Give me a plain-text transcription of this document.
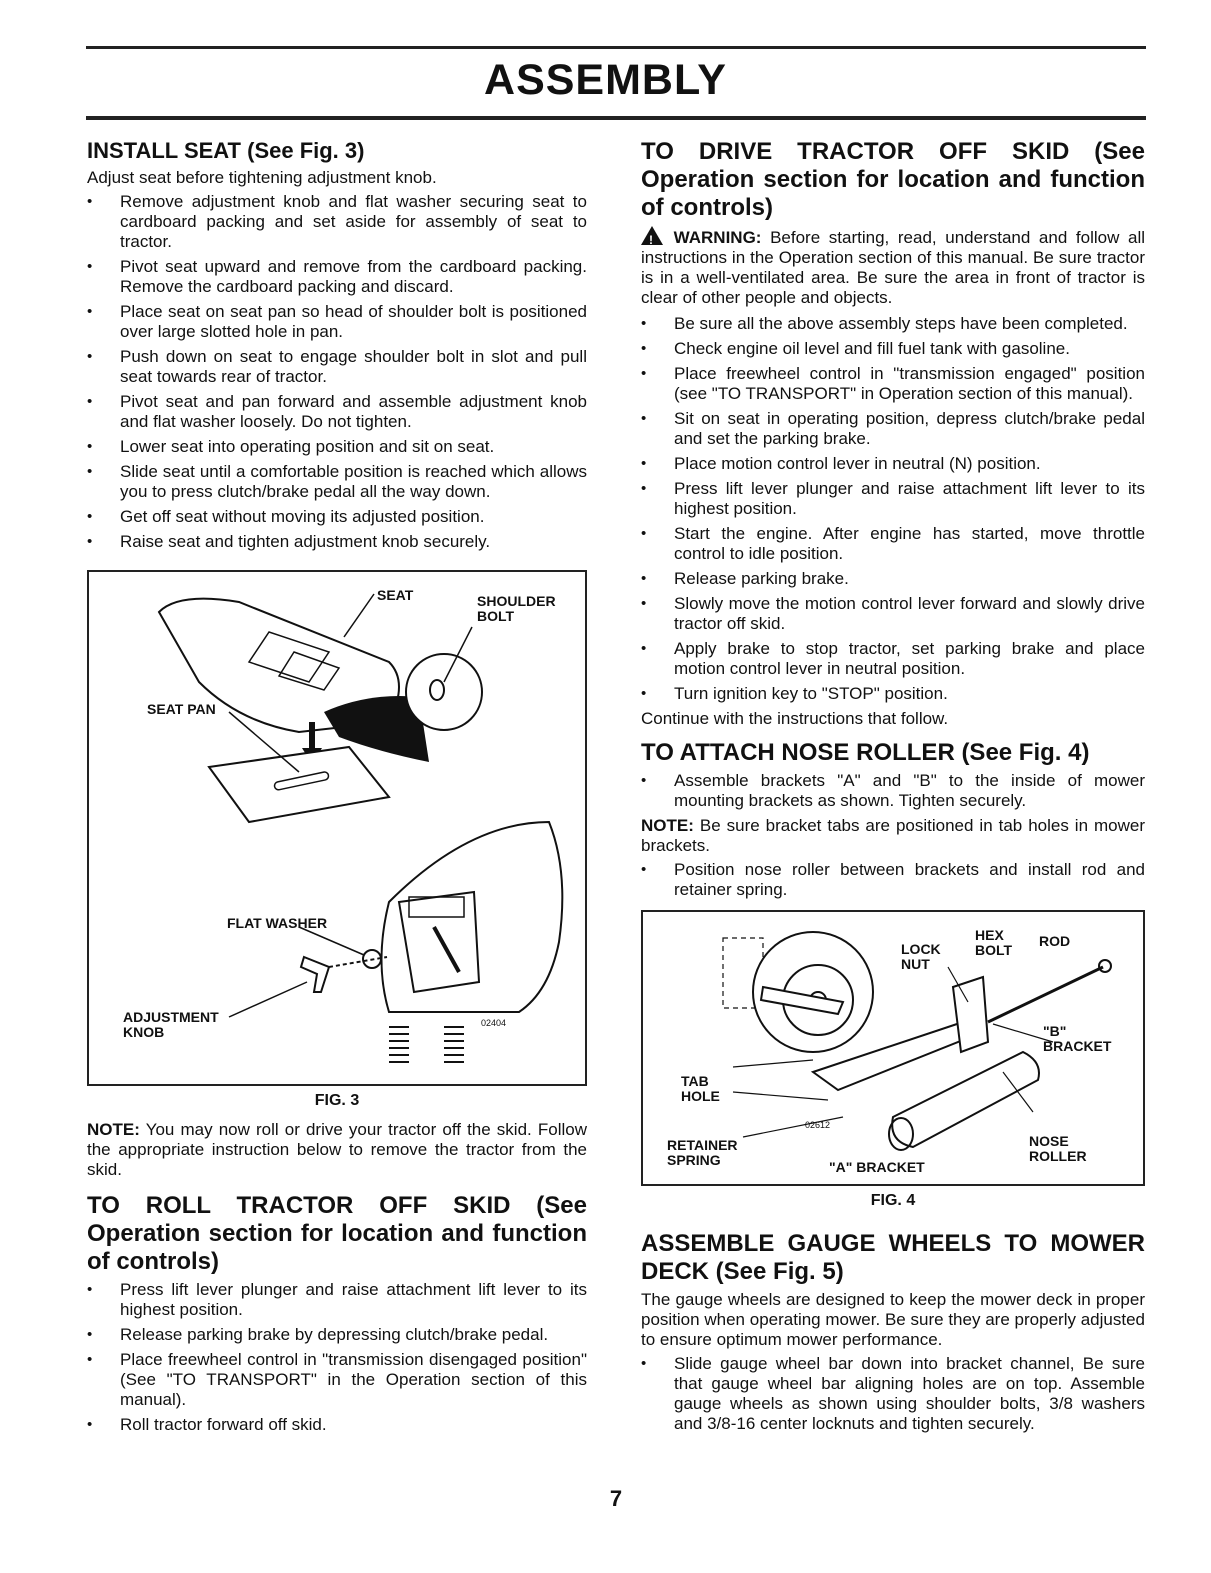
ASSEMBLY
INSTALL SEAT (See Fig. 3)

Adjust seat before tightening adjustment knob.

• Remove adjustment knob and flat washer securing seat to cardboard packing and set aside for assembly of seat to tractor.
• Pivot seat upward and remove from the cardboard packing. Remove the cardboard packing and discard.
• Place seat on seat pan so head of shoulder bolt is positioned over large slotted hole in pan.
• Push down on seat to engage shoulder bolt in slot and pull seat towards rear of tractor.
• Pivot seat and pan forward and assemble adjustment knob and flat washer loosely. Do not tighten.
• Lower seat into operating position and sit on seat.
• Slide seat until a comfortable position is reached which allows you to press clutch/brake pedal all the way down.
• Get off seat without moving its adjusted position.
• Raise seat and tighten adjustment knob securely.
SEAT	SHOULDER BOLT
SEAT PAN
FLAT WASHER
ADJUSTMENT KNOB
02404
FIG. 3

NOTE: You may now roll or drive your tractor off the skid. Follow the appropriate instruction below to remove the tractor from the skid.

TO ROLL TRACTOR OFF SKID (See Operation section for location and function of controls)
• Press lift lever plunger and raise attachment lift lever to its highest position.
• Release parking brake by depressing clutch/brake pedal.
• Place freewheel control in "transmission disengaged position" (See "TO TRANSPORT" in the Operation section of this manual).
• Roll tractor forward off skid.
TO DRIVE TRACTOR OFF SKID (See Operation section for location and function of controls)

! WARNING: Before starting, read, understand and follow all instructions in the Operation section of this manual. Be sure tractor is in a well-ventilated area. Be sure the area in front of tractor is clear of other people and objects.

• Be sure all the above assembly steps have been completed.
• Check engine oil level and fill fuel tank with gasoline.
• Place freewheel control in "transmission engaged" position (see "TO TRANSPORT" in Operation section of this manual).
• Sit on seat in operating position, depress clutch/brake pedal and set the parking brake.
• Place motion control lever in neutral (N) position.
• Press lift lever plunger and raise attachment lift lever to its highest position.
• Start the engine. After engine has started, move throttle control to idle position.
• Release parking brake.
• Slowly move the motion control lever forward and slowly drive tractor off skid.
• Apply brake to stop tractor, set parking brake and place motion control lever in neutral position.
• Turn ignition key to "STOP" position.

Continue with the instructions that follow.

TO ATTACH NOSE ROLLER (See Fig. 4)
• Assemble brackets "A" and "B" to the inside of mower mounting brackets as shown. Tighten securely.

NOTE: Be sure bracket tabs are positioned in tab holes in mower brackets.

• Position nose roller between brackets and install rod and retainer spring.
LOCK NUT
HEX BOLT
ROD
"B" BRACKET
TAB HOLE
RETAINER SPRING	"A" BRACKET
NOSE ROLLER
02612
FIG. 4
ASSEMBLE GAUGE WHEELS TO MOWER DECK (See Fig. 5)

The gauge wheels are designed to keep the mower deck in proper position when operating mower. Be sure they are properly adjusted to ensure optimum mower performance.

• Slide gauge wheel bar down into bracket channel, Be sure that gauge wheel bar aligning holes are on top. Assemble gauge wheels as shown using shoulder bolts, 3/8 washers and 3/8-16 center locknuts and tighten securely.
7
